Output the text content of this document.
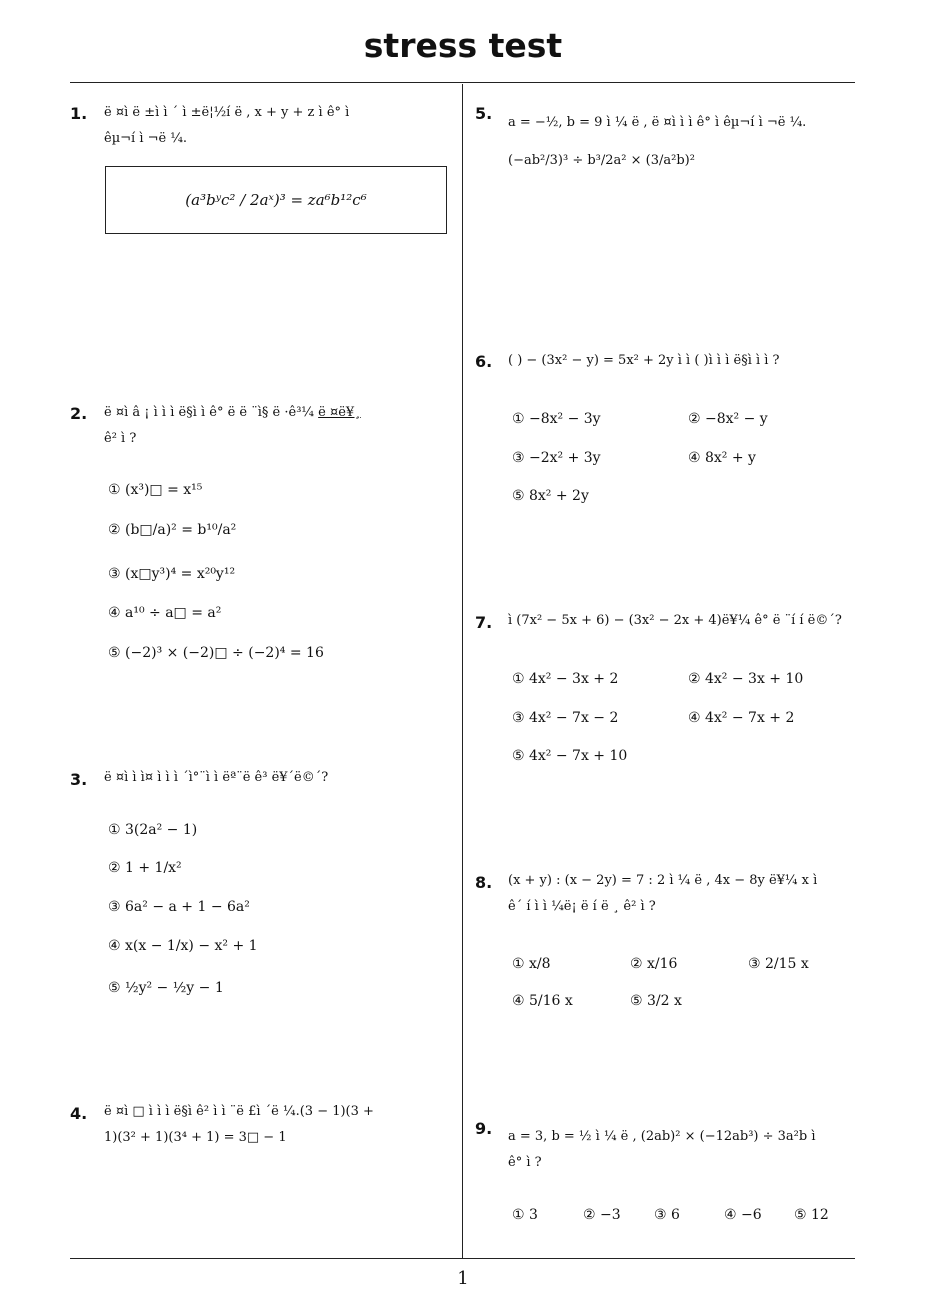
stress test
1
1. ë ¤ì ë ±ì ì ´ ì ±ë¦½í ë , x + y + z ì ê° ì
êµ¬í ì ¬ë ¼.
(a³bʸc² / 2aˣ)³ = za⁶b¹²c⁶
2. ë ¤ì â ¡ ì ì ì ë§ì ì ê° ë ë ¨ì§ ë ·ê³¼ ë ¤ë¥¸
ê² ì ?
① (x³)□ = x¹⁵
② (b□/a)² = b¹⁰/a²
③ (x□y³)⁴ = x²⁰y¹²
④ a¹⁰ ÷ a□ = a²
⑤ (−2)³ × (−2)□ ÷ (−2)⁴ = 16
3. ë ¤ì ì ì¤ ì ì ì ´ì°¨ì ì ëª¨ë ê³ ë¥´ë©´?
① 3(2a² − 1)
② 1 + 1/x²
③ 6a² − a + 1 − 6a²
④ x(x − 1/x) − x² + 1
⑤ ½y² − ½y − 1
4. ë ¤ì □ ì ì ì ë§ì ê² ì ì ¨ë £ì ´ë ¼.(3 − 1)(3 +
1)(3² + 1)(3⁴ + 1) = 3□ − 1
5. a = −½, b = 9 ì ¼ ë , ë ¤ì ì ì ê° ì êµ¬í ì ¬ë ¼.
(−ab²/3)³ ÷ b³/2a² × (3/a²b)²
6. ( ) − (3x² − y) = 5x² + 2y ì ì ( )ì ì ì ë§ì ì ì ?
① −8x² − 3y	② −8x² − y
③ −2x² + 3y	④ 8x² + y
⑤ 8x² + 2y
7. ì (7x² − 5x + 6) − (3x² − 2x + 4)ë¥¼ ê° ë ¨í í ë©´?
① 4x² − 3x + 2	② 4x² − 3x + 10
③ 4x² − 7x − 2	④ 4x² − 7x + 2
⑤ 4x² − 7x + 10
8. (x + y) : (x − 2y) = 7 : 2 ì ¼ ë , 4x − 8y ë¥¼ x ì
ê´ í ì ì ¼ë¡ ë í ë ¸ ê² ì ?
① x/8	② x/16	③ 2/15 x
④ 5/16 x	⑤ 3/2 x
9. a = 3, b = ½ ì ¼ ë , (2ab)² × (−12ab³) ÷ 3a²b ì
ê° ì ?
① 3	② −3 ③ 6	④ −6 ⑤ 12
